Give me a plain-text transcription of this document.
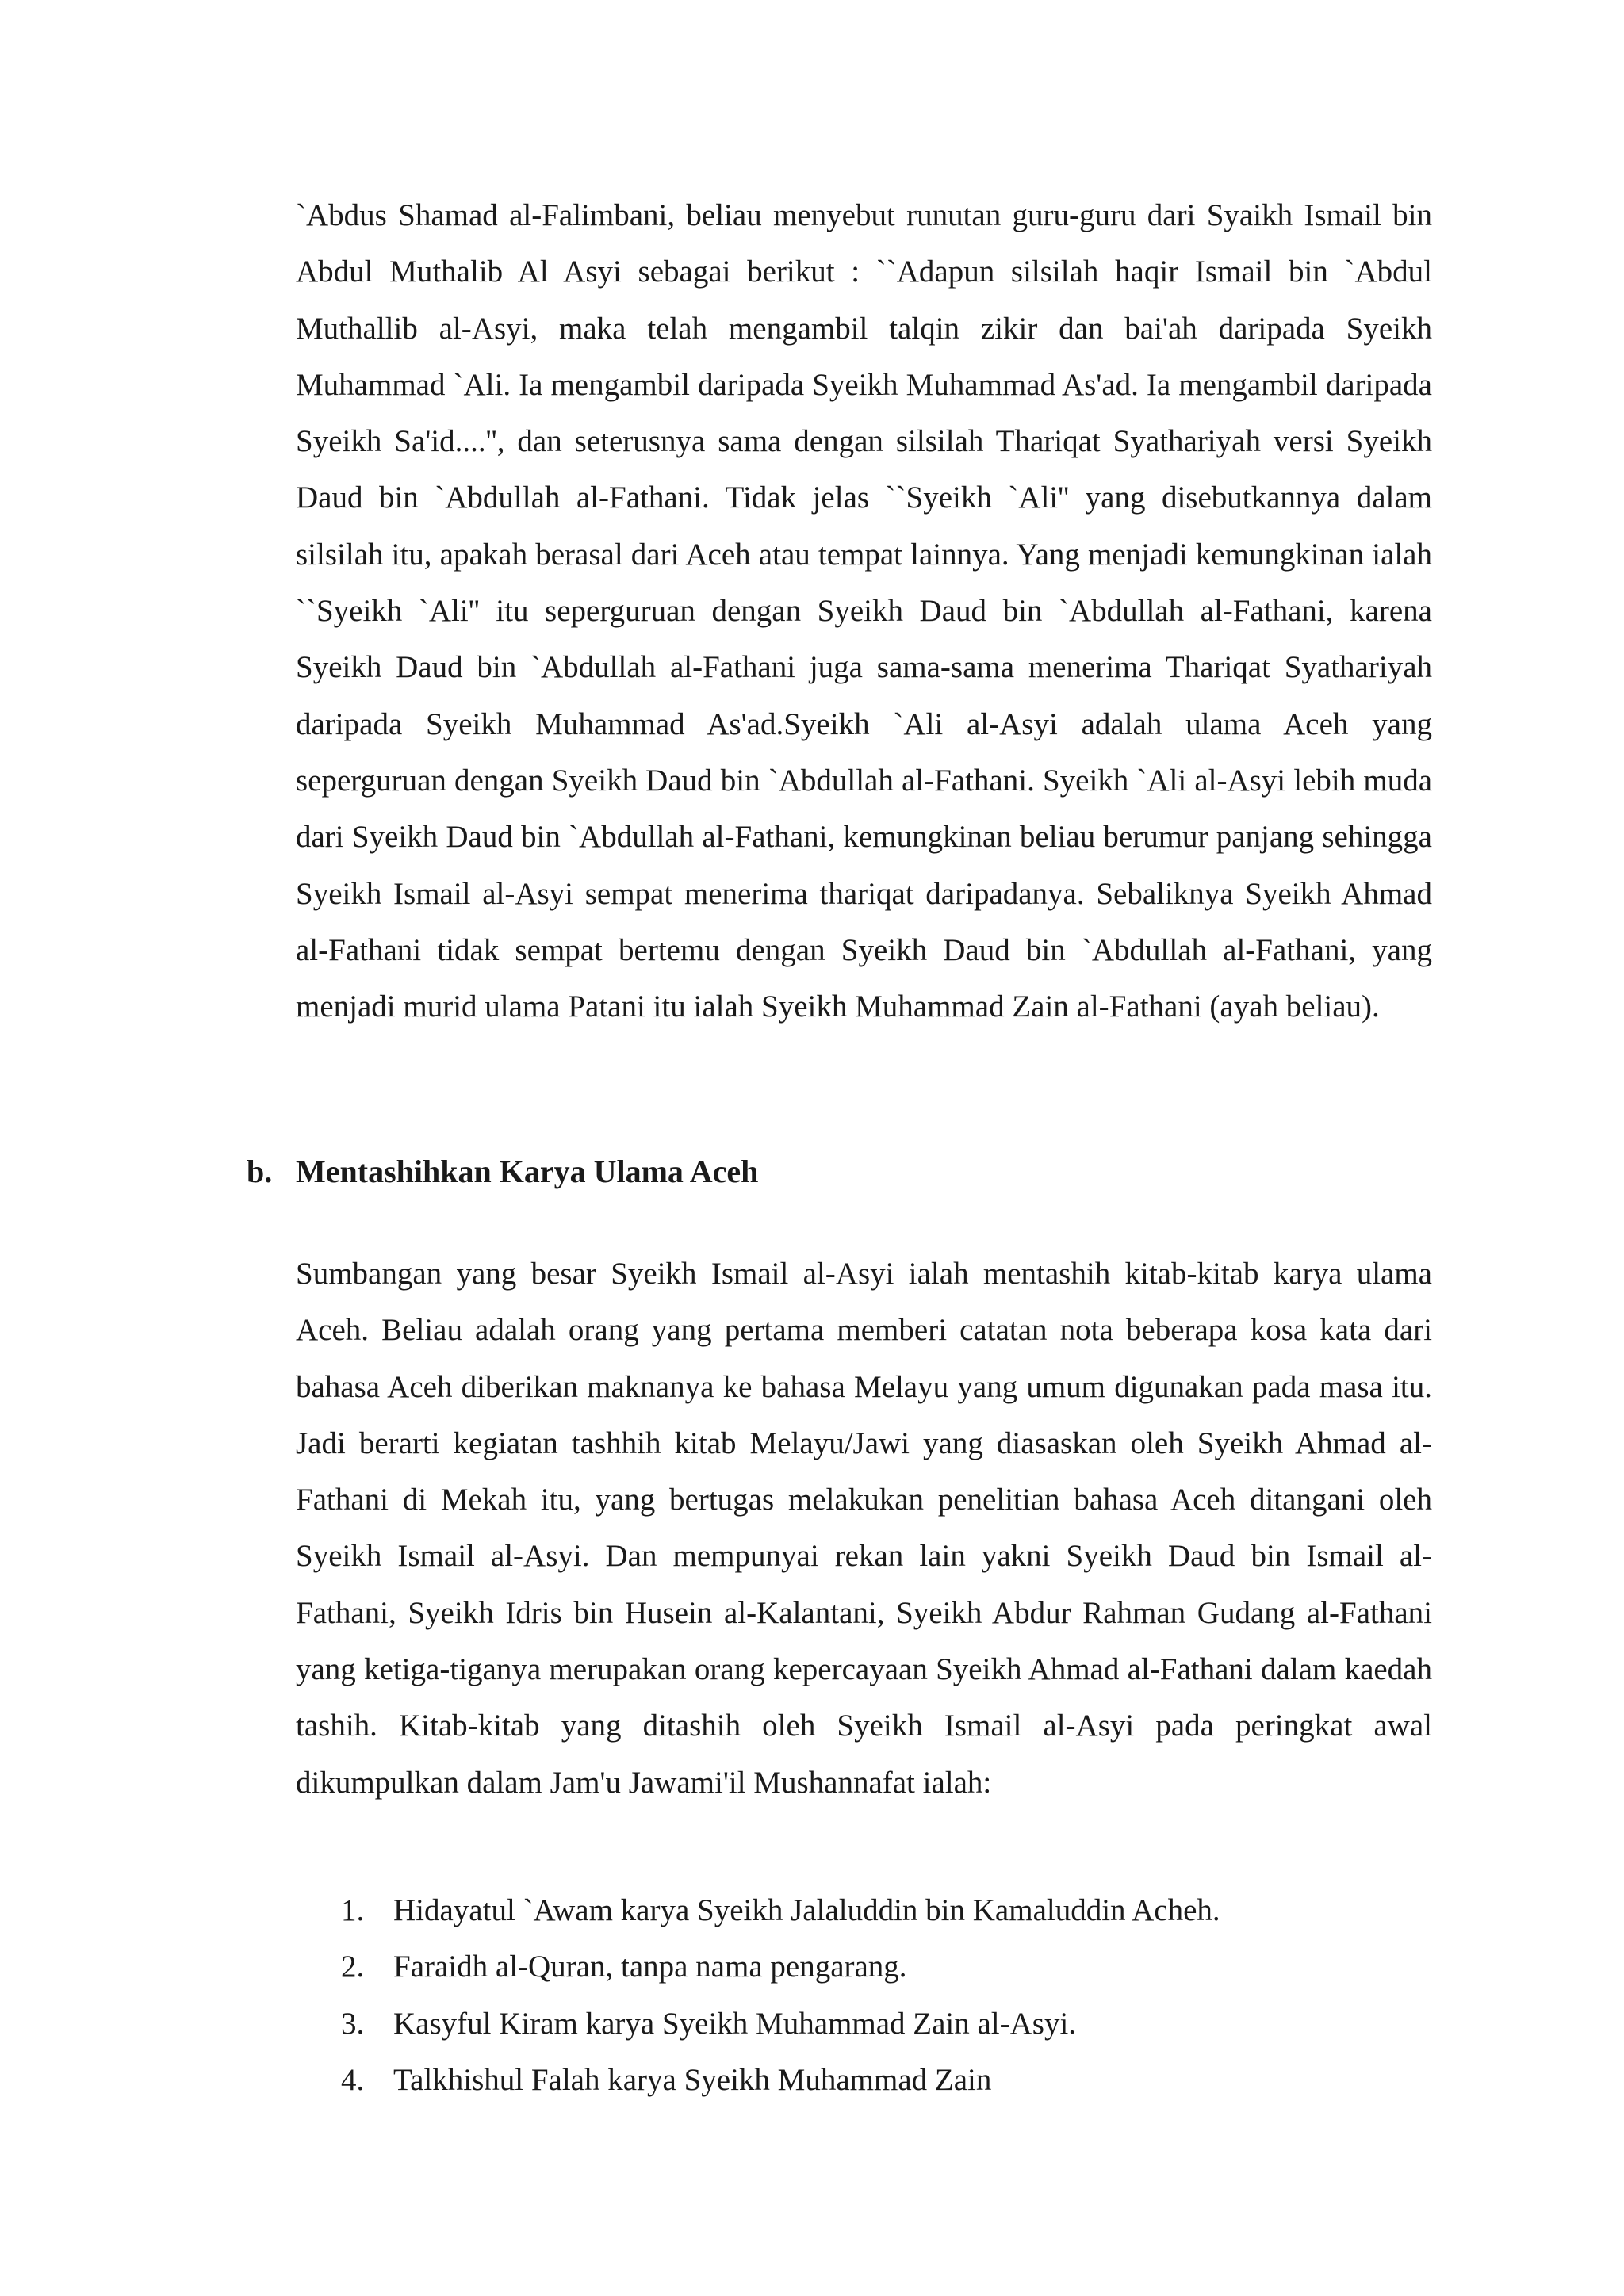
`Abdus Shamad al-Falimbani, beliau menyebut runutan guru-guru dari Syaikh Ismail bin Abdul Muthalib Al Asyi sebagai berikut : ``Adapun silsilah haqir Ismail bin `Abdul Muthallib al-Asyi, maka telah mengambil talqin zikir dan bai'ah daripada Syeikh Muhammad `Ali. Ia mengambil daripada Syeikh Muhammad As'ad. Ia mengambil daripada Syeikh Sa'id....'', dan seterusnya sama dengan silsilah Thariqat Syathariyah versi Syeikh Daud bin `Abdullah al-Fathani. Tidak jelas ``Syeikh `Ali'' yang disebutkannya dalam silsilah itu, apakah berasal dari Aceh atau tempat lainnya. Yang menjadi kemungkinan ialah ``Syeikh `Ali'' itu seperguruan dengan Syeikh Daud bin `Abdullah al-Fathani, karena Syeikh Daud bin `Abdullah al-Fathani juga sama-sama menerima Thariqat Syathariyah daripada Syeikh Muhammad As'ad.Syeikh `Ali al-Asyi adalah ulama Aceh yang seperguruan dengan Syeikh Daud bin `Abdullah al-Fathani. Syeikh `Ali al-Asyi lebih muda dari Syeikh Daud bin `Abdullah al-Fathani, kemungkinan beliau berumur panjang sehingga Syeikh Ismail al-Asyi sempat menerima thariqat daripadanya. Sebaliknya Syeikh Ahmad al-Fathani tidak sempat bertemu dengan Syeikh Daud bin `Abdullah al-Fathani, yang menjadi murid ulama Patani itu ialah Syeikh Muhammad Zain al-Fathani (ayah beliau).

b. Mentashihkan Karya Ulama Aceh

Sumbangan yang besar Syeikh Ismail al-Asyi ialah mentashih kitab-kitab karya ulama Aceh. Beliau adalah orang yang pertama memberi catatan nota beberapa kosa kata dari bahasa Aceh diberikan maknanya ke bahasa Melayu yang umum digunakan pada masa itu. Jadi berarti kegiatan tashhih kitab Melayu/Jawi yang diasaskan oleh Syeikh Ahmad al-Fathani di Mekah itu, yang bertugas melakukan penelitian bahasa Aceh ditangani oleh Syeikh Ismail al-Asyi. Dan mempunyai rekan lain yakni Syeikh Daud bin Ismail al-Fathani, Syeikh Idris bin Husein al-Kalantani, Syeikh Abdur Rahman Gudang al-Fathani yang ketiga-tiganya merupakan orang kepercayaan Syeikh Ahmad al-Fathani dalam kaedah tashih. Kitab-kitab yang ditashih oleh Syeikh Ismail al-Asyi pada peringkat awal dikumpulkan dalam Jam'u Jawami'il Mushannafat ialah:

1. Hidayatul `Awam karya Syeikh Jalaluddin bin Kamaluddin Acheh.
2. Faraidh al-Quran, tanpa nama pengarang.
3. Kasyful Kiram karya Syeikh Muhammad Zain al-Asyi.
4. Talkhishul Falah karya Syeikh Muhammad Zain
